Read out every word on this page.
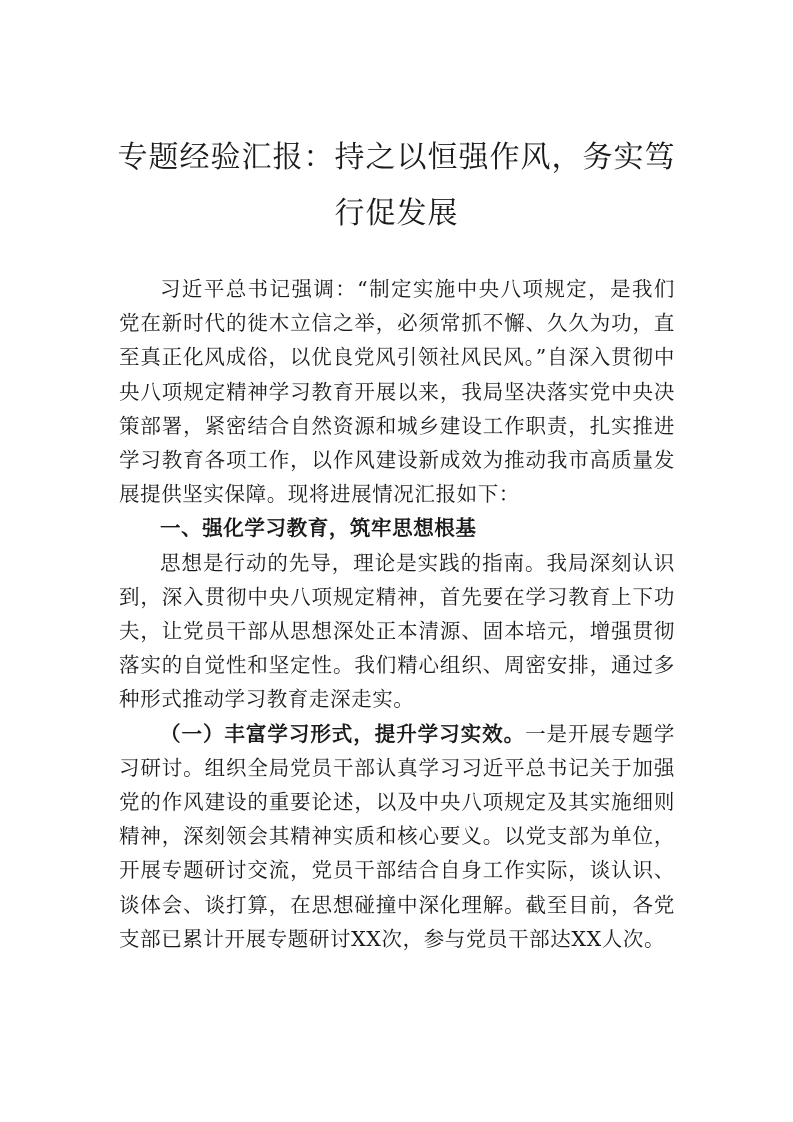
专题经验汇报：持之以恒强作风，务实笃行促发展

习近平总书记强调：“制定实施中央八项规定，是我们党在新时代的徙木立信之举，必须常抓不懈、久久为功，直至真正化风成俗，以优良党风引领社风民风。”自深入贯彻中央八项规定精神学习教育开展以来，我局坚决落实党中央决策部署，紧密结合自然资源和城乡建设工作职责，扎实推进学习教育各项工作，以作风建设新成效为推动我市高质量发展提供坚实保障。现将进展情况汇报如下：

一、强化学习教育，筑牢思想根基

思想是行动的先导，理论是实践的指南。我局深刻认识到，深入贯彻中央八项规定精神，首先要在学习教育上下功夫，让党员干部从思想深处正本清源、固本培元，增强贯彻落实的自觉性和坚定性。我们精心组织、周密安排，通过多种形式推动学习教育走深走实。

（一）丰富学习形式，提升学习实效。一是开展专题学习研讨。组织全局党员干部认真学习习近平总书记关于加强党的作风建设的重要论述，以及中央八项规定及其实施细则精神，深刻领会其精神实质和核心要义。以党支部为单位，开展专题研讨交流，党员干部结合自身工作实际，谈认识、谈体会、谈打算，在思想碰撞中深化理解。截至目前，各党支部已累计开展专题研讨XX次，参与党员干部达XX人次。
